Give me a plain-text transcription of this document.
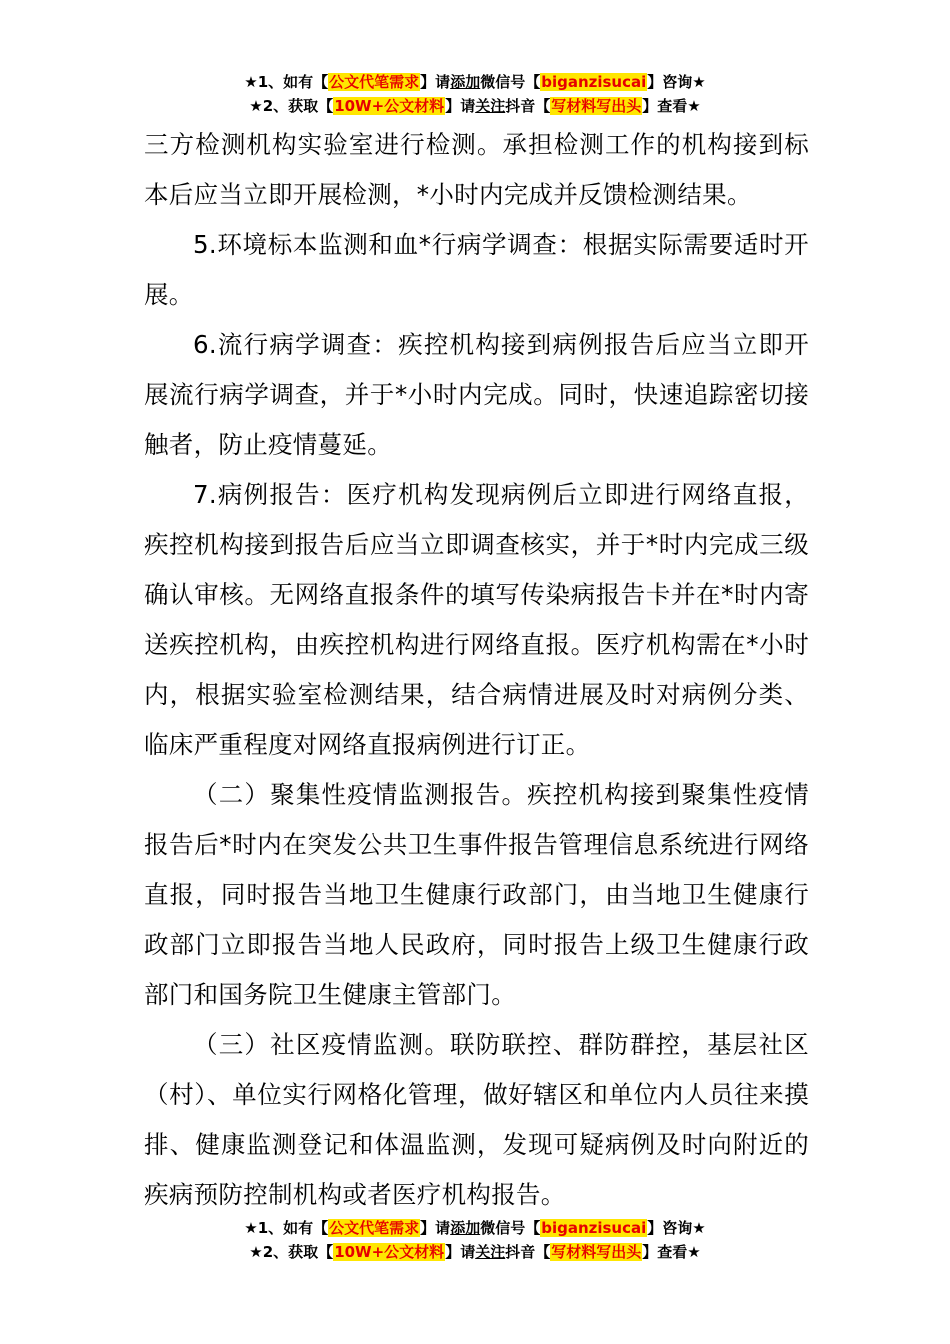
★1、如有【公文代笔需求】请添加微信号【biganzisucai】咨询★
★2、获取【10W+公文材料】请关注抖音【写材料写出头】查看★

三方检测机构实验室进行检测。承担检测工作的机构接到标本后应当立即开展检测，*小时内完成并反馈检测结果。

5.环境标本监测和血*行病学调查：根据实际需要适时开展。

6.流行病学调查：疾控机构接到病例报告后应当立即开展流行病学调查，并于*小时内完成。同时，快速追踪密切接触者，防止疫情蔓延。

7.病例报告：医疗机构发现病例后立即进行网络直报，疾控机构接到报告后应当立即调查核实，并于*时内完成三级确认审核。无网络直报条件的填写传染病报告卡并在*时内寄送疾控机构，由疾控机构进行网络直报。医疗机构需在*小时内，根据实验室检测结果，结合病情进展及时对病例分类、临床严重程度对网络直报病例进行订正。

（二）聚集性疫情监测报告。疾控机构接到聚集性疫情报告后*时内在突发公共卫生事件报告管理信息系统进行网络直报，同时报告当地卫生健康行政部门，由当地卫生健康行政部门立即报告当地人民政府，同时报告上级卫生健康行政部门和国务院卫生健康主管部门。

（三）社区疫情监测。联防联控、群防群控，基层社区（村）、单位实行网格化管理，做好辖区和单位内人员往来摸排、健康监测登记和体温监测，发现可疑病例及时向附近的疾病预防控制机构或者医疗机构报告。

★1、如有【公文代笔需求】请添加微信号【biganzisucai】咨询★
★2、获取【10W+公文材料】请关注抖音【写材料写出头】查看★
